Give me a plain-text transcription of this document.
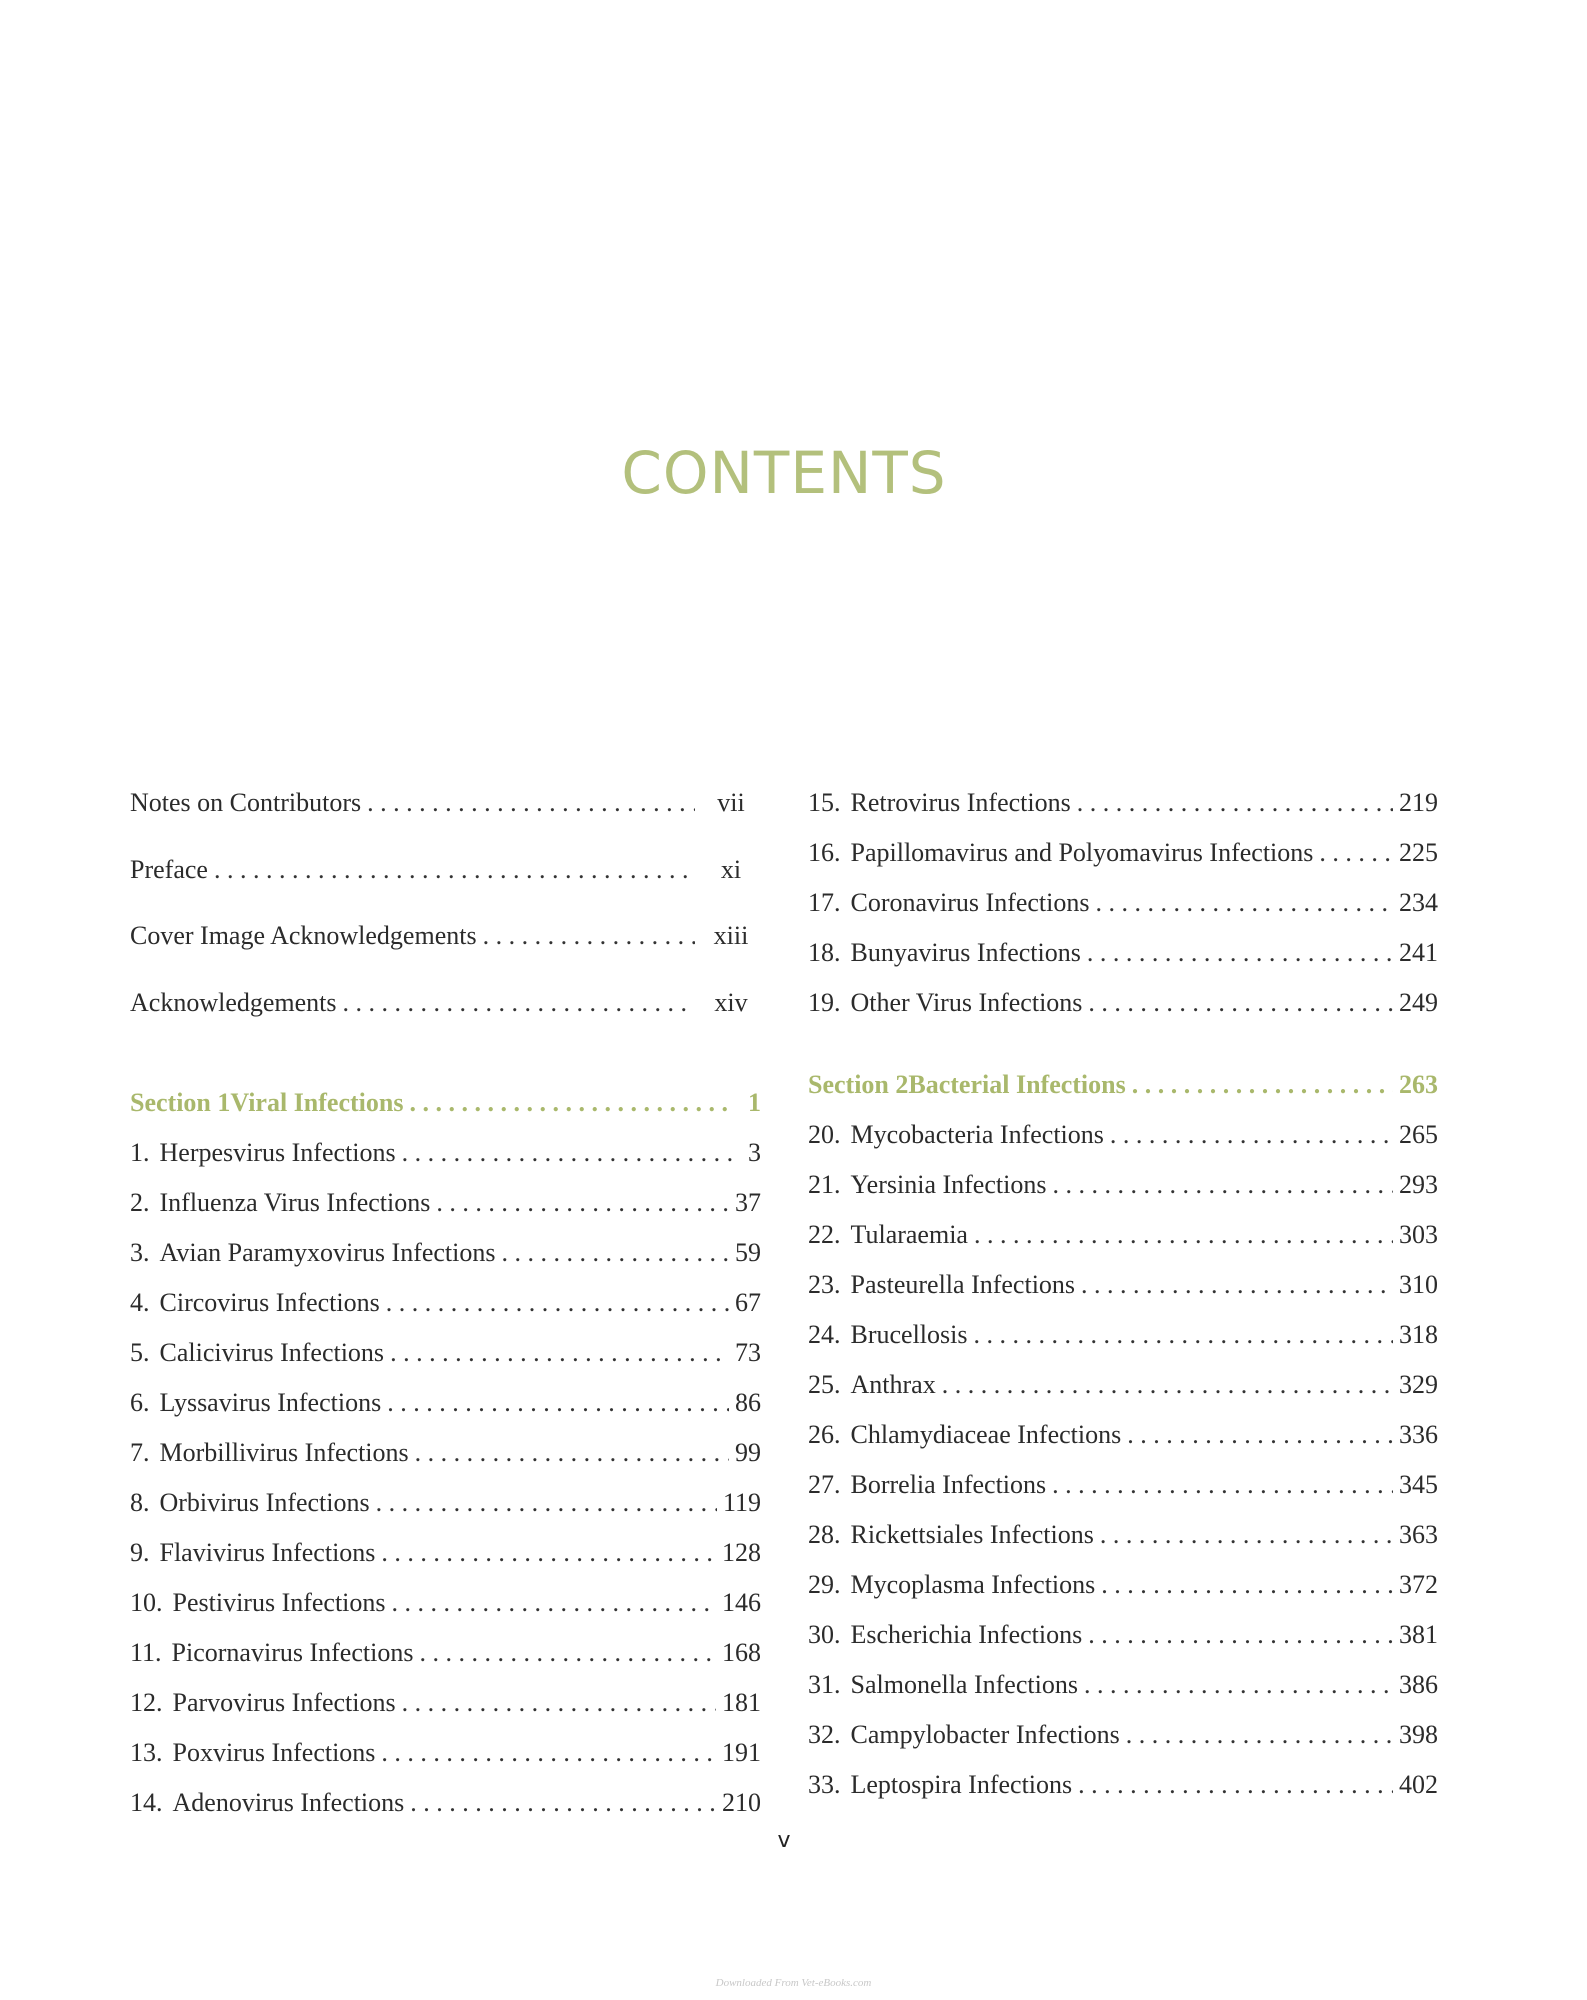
CONTENTS
Notes on Contributors . . .	vii
Preface . . .	xi
Cover Image Acknowledgements . . .	xiii
Acknowledgements . . .	xiv
Section 1 Viral Infections . . .	1
1. Herpesvirus Infections . . .	3
2. Influenza Virus Infections . . .	37
3. Avian Paramyxovirus Infections . . .	59
4. Circovirus Infections . . .	67
5. Calicivirus Infections . . .	73
6. Lyssavirus Infections . . .	86
7. Morbillivirus Infections . . .	99
8. Orbivirus Infections . . .	119
9. Flavivirus Infections . . .	128
10. Pestivirus Infections . . .	146
11. Picornavirus Infections . . .	168
12. Parvovirus Infections . . .	181
13. Poxvirus Infections . . .	191
14. Adenovirus Infections . . .	210
15. Retrovirus Infections . . .	219
16. Papillomavirus and Polyomavirus Infections . . .	225
17. Coronavirus Infections . . .	234
18. Bunyavirus Infections . . .	241
19. Other Virus Infections . . .	249
Section 2 Bacterial Infections . . .	263
20. Mycobacteria Infections . . .	265
21. Yersinia Infections . . .	293
22. Tularaemia . . .	303
23. Pasteurella Infections . . .	310
24. Brucellosis . . .	318
25. Anthrax . . .	329
26. Chlamydiaceae Infections . . .	336
27. Borrelia Infections . . .	345
28. Rickettsiales Infections . . .	363
29. Mycoplasma Infections . . .	372
30. Escherichia Infections . . .	381
31. Salmonella Infections . . .	386
32. Campylobacter Infections . . .	398
33. Leptospira Infections . . .	402
v
Downloaded From Vet-eBooks.com
